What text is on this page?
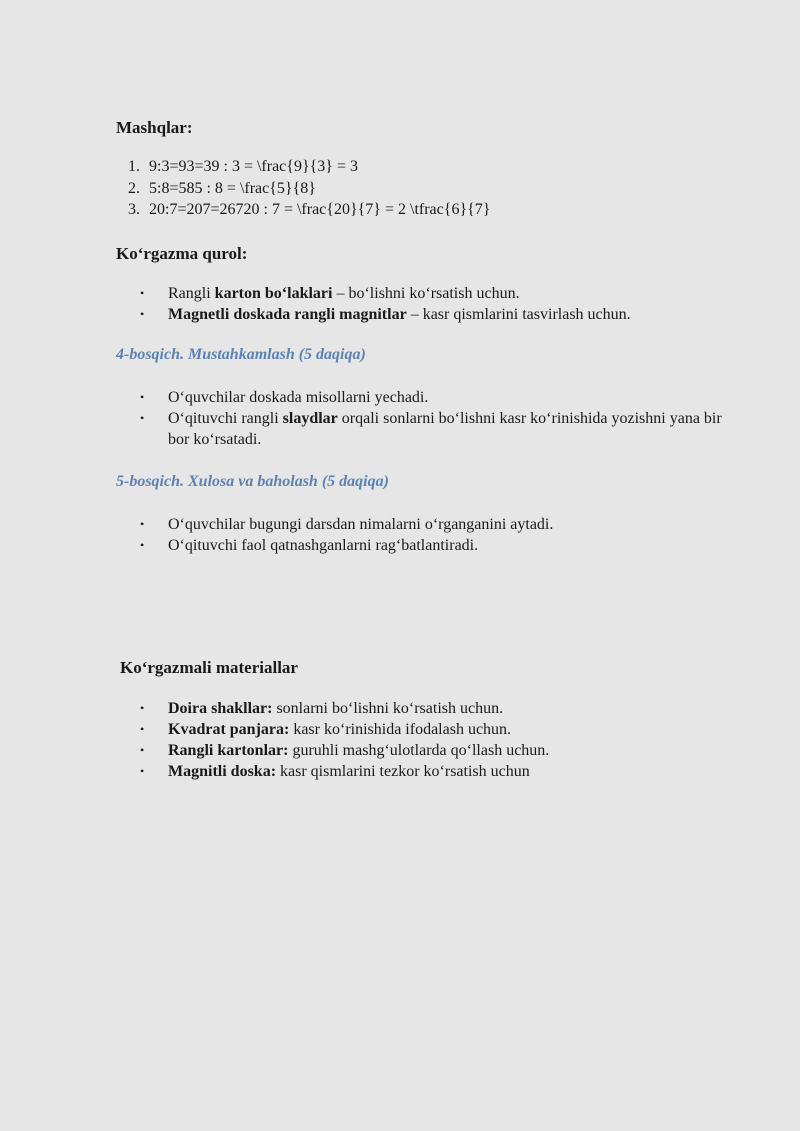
Mashqlar:

1. 9:3=93=39 : 3 = \frac{9}{3} = 3
2. 5:8=585 : 8 = \frac{5}{8}
3. 20:7=207=26720 : 7 = \frac{20}{7} = 2 \tfrac{6}{7}

Ko‘rgazma qurol:

•	Rangli karton bo‘laklari – bo‘lishni ko‘rsatish uchun.
•	Magnetli doskada rangli magnitlar – kasr qismlarini tasvirlash uchun.

4-bosqich. Mustahkamlash (5 daqiqa)

•	O‘quvchilar doskada misollarni yechadi.
•	O‘qituvchi rangli slaydlar orqali sonlarni bo‘lishni kasr ko‘rinishida yozishni yana bir bor ko‘rsatadi.

5-bosqich. Xulosa va baholash (5 daqiqa)

•	O‘quvchilar bugungi darsdan nimalarni o‘rganganini aytadi.
•	O‘qituvchi faol qatnashganlarni rag‘batlantiradi.

Ko‘rgazmali materiallar

•	Doira shakllar: sonlarni bo‘lishni ko‘rsatish uchun.
•	Kvadrat panjara: kasr ko‘rinishida ifodalash uchun.
•	Rangli kartonlar: guruhli mashg‘ulotlarda qo‘llash uchun.
•	Magnitli doska: kasr qismlarini tezkor ko‘rsatish uchun
